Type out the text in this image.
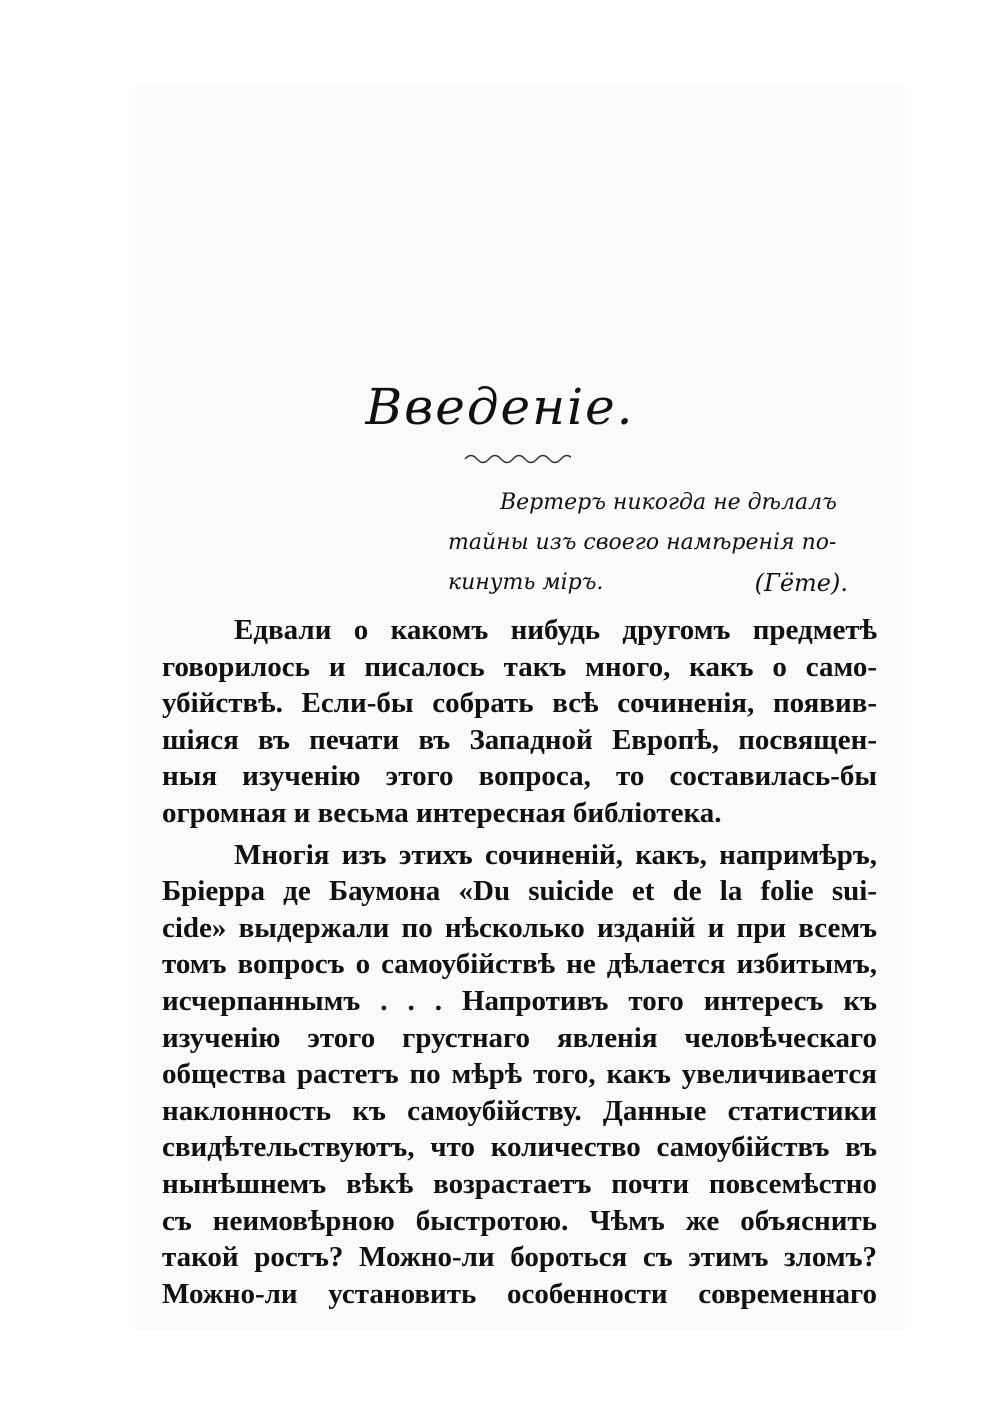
Введеніе.
Вертеръ никогда не дѣлалъ
тайны изъ своего намѣренія по-
кинуть міръ.	(Гёте).

Едвали о какомъ нибудь другомъ предметѣ
говорилось и писалось такъ много, какъ о само-
убійствѣ. Если-бы собрать всѣ сочиненія, появив-
шіяся въ печати въ Западной Европѣ, посвящен-
ныя изученію этого вопроса, то составилась-бы
огромная и весьма интересная библіотека.

Многія изъ этихъ сочиненій, какъ, напримѣръ,
Бріерра де Баумона «Du suicide et de la folie sui-
cide» выдержали по нѣсколько изданій и при всемъ
томъ вопросъ о самоубійствѣ не дѣлается избитымъ,
исчерпаннымъ . . . Напротивъ того интересъ къ
изученію этого грустнаго явленія человѣческаго
общества растетъ по мѣрѣ того, какъ увеличивается
наклонность къ самоубійству. Данные статистики
свидѣтельствуютъ, что количество самоубійствъ въ
нынѣшнемъ вѣкѣ возрастаетъ почти повсемѣстно
съ неимовѣрною быстротою. Чѣмъ же объяснить
такой ростъ? Можно-ли бороться съ этимъ зломъ?
Можно-ли установить особенности современнаго
